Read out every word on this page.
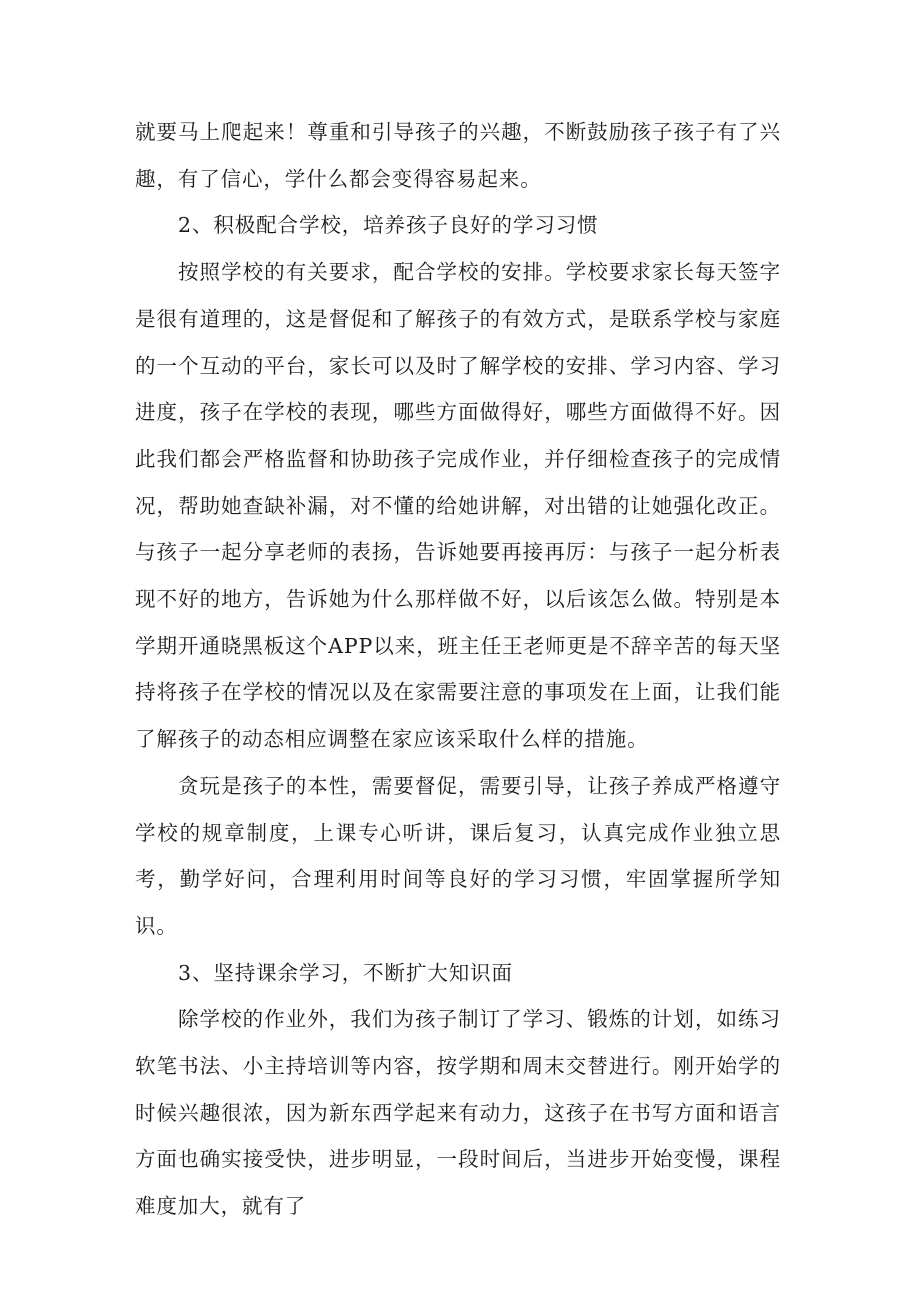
就要马上爬起来！尊重和引导孩子的兴趣，不断鼓励孩子孩子有了兴趣，有了信心，学什么都会变得容易起来。

2、积极配合学校，培养孩子良好的学习习惯

按照学校的有关要求，配合学校的安排。学校要求家长每天签字是很有道理的，这是督促和了解孩子的有效方式，是联系学校与家庭的一个互动的平台，家长可以及时了解学校的安排、学习内容、学习进度，孩子在学校的表现，哪些方面做得好，哪些方面做得不好。因此我们都会严格监督和协助孩子完成作业，并仔细检查孩子的完成情况，帮助她查缺补漏，对不懂的给她讲解，对出错的让她强化改正。与孩子一起分享老师的表扬，告诉她要再接再厉：与孩子一起分析表现不好的地方，告诉她为什么那样做不好，以后该怎么做。特别是本学期开通晓黑板这个APP以来，班主任王老师更是不辞辛苦的每天坚持将孩子在学校的情况以及在家需要注意的事项发在上面，让我们能了解孩子的动态相应调整在家应该采取什么样的措施。

贪玩是孩子的本性，需要督促，需要引导，让孩子养成严格遵守学校的规章制度，上课专心听讲，课后复习，认真完成作业独立思考，勤学好问，合理利用时间等良好的学习习惯，牢固掌握所学知识。

3、坚持课余学习，不断扩大知识面

除学校的作业外，我们为孩子制订了学习、锻炼的计划，如练习软笔书法、小主持培训等内容，按学期和周末交替进行。刚开始学的时候兴趣很浓，因为新东西学起来有动力，这孩子在书写方面和语言方面也确实接受快，进步明显，一段时间后，当进步开始变慢，课程难度加大，就有了
